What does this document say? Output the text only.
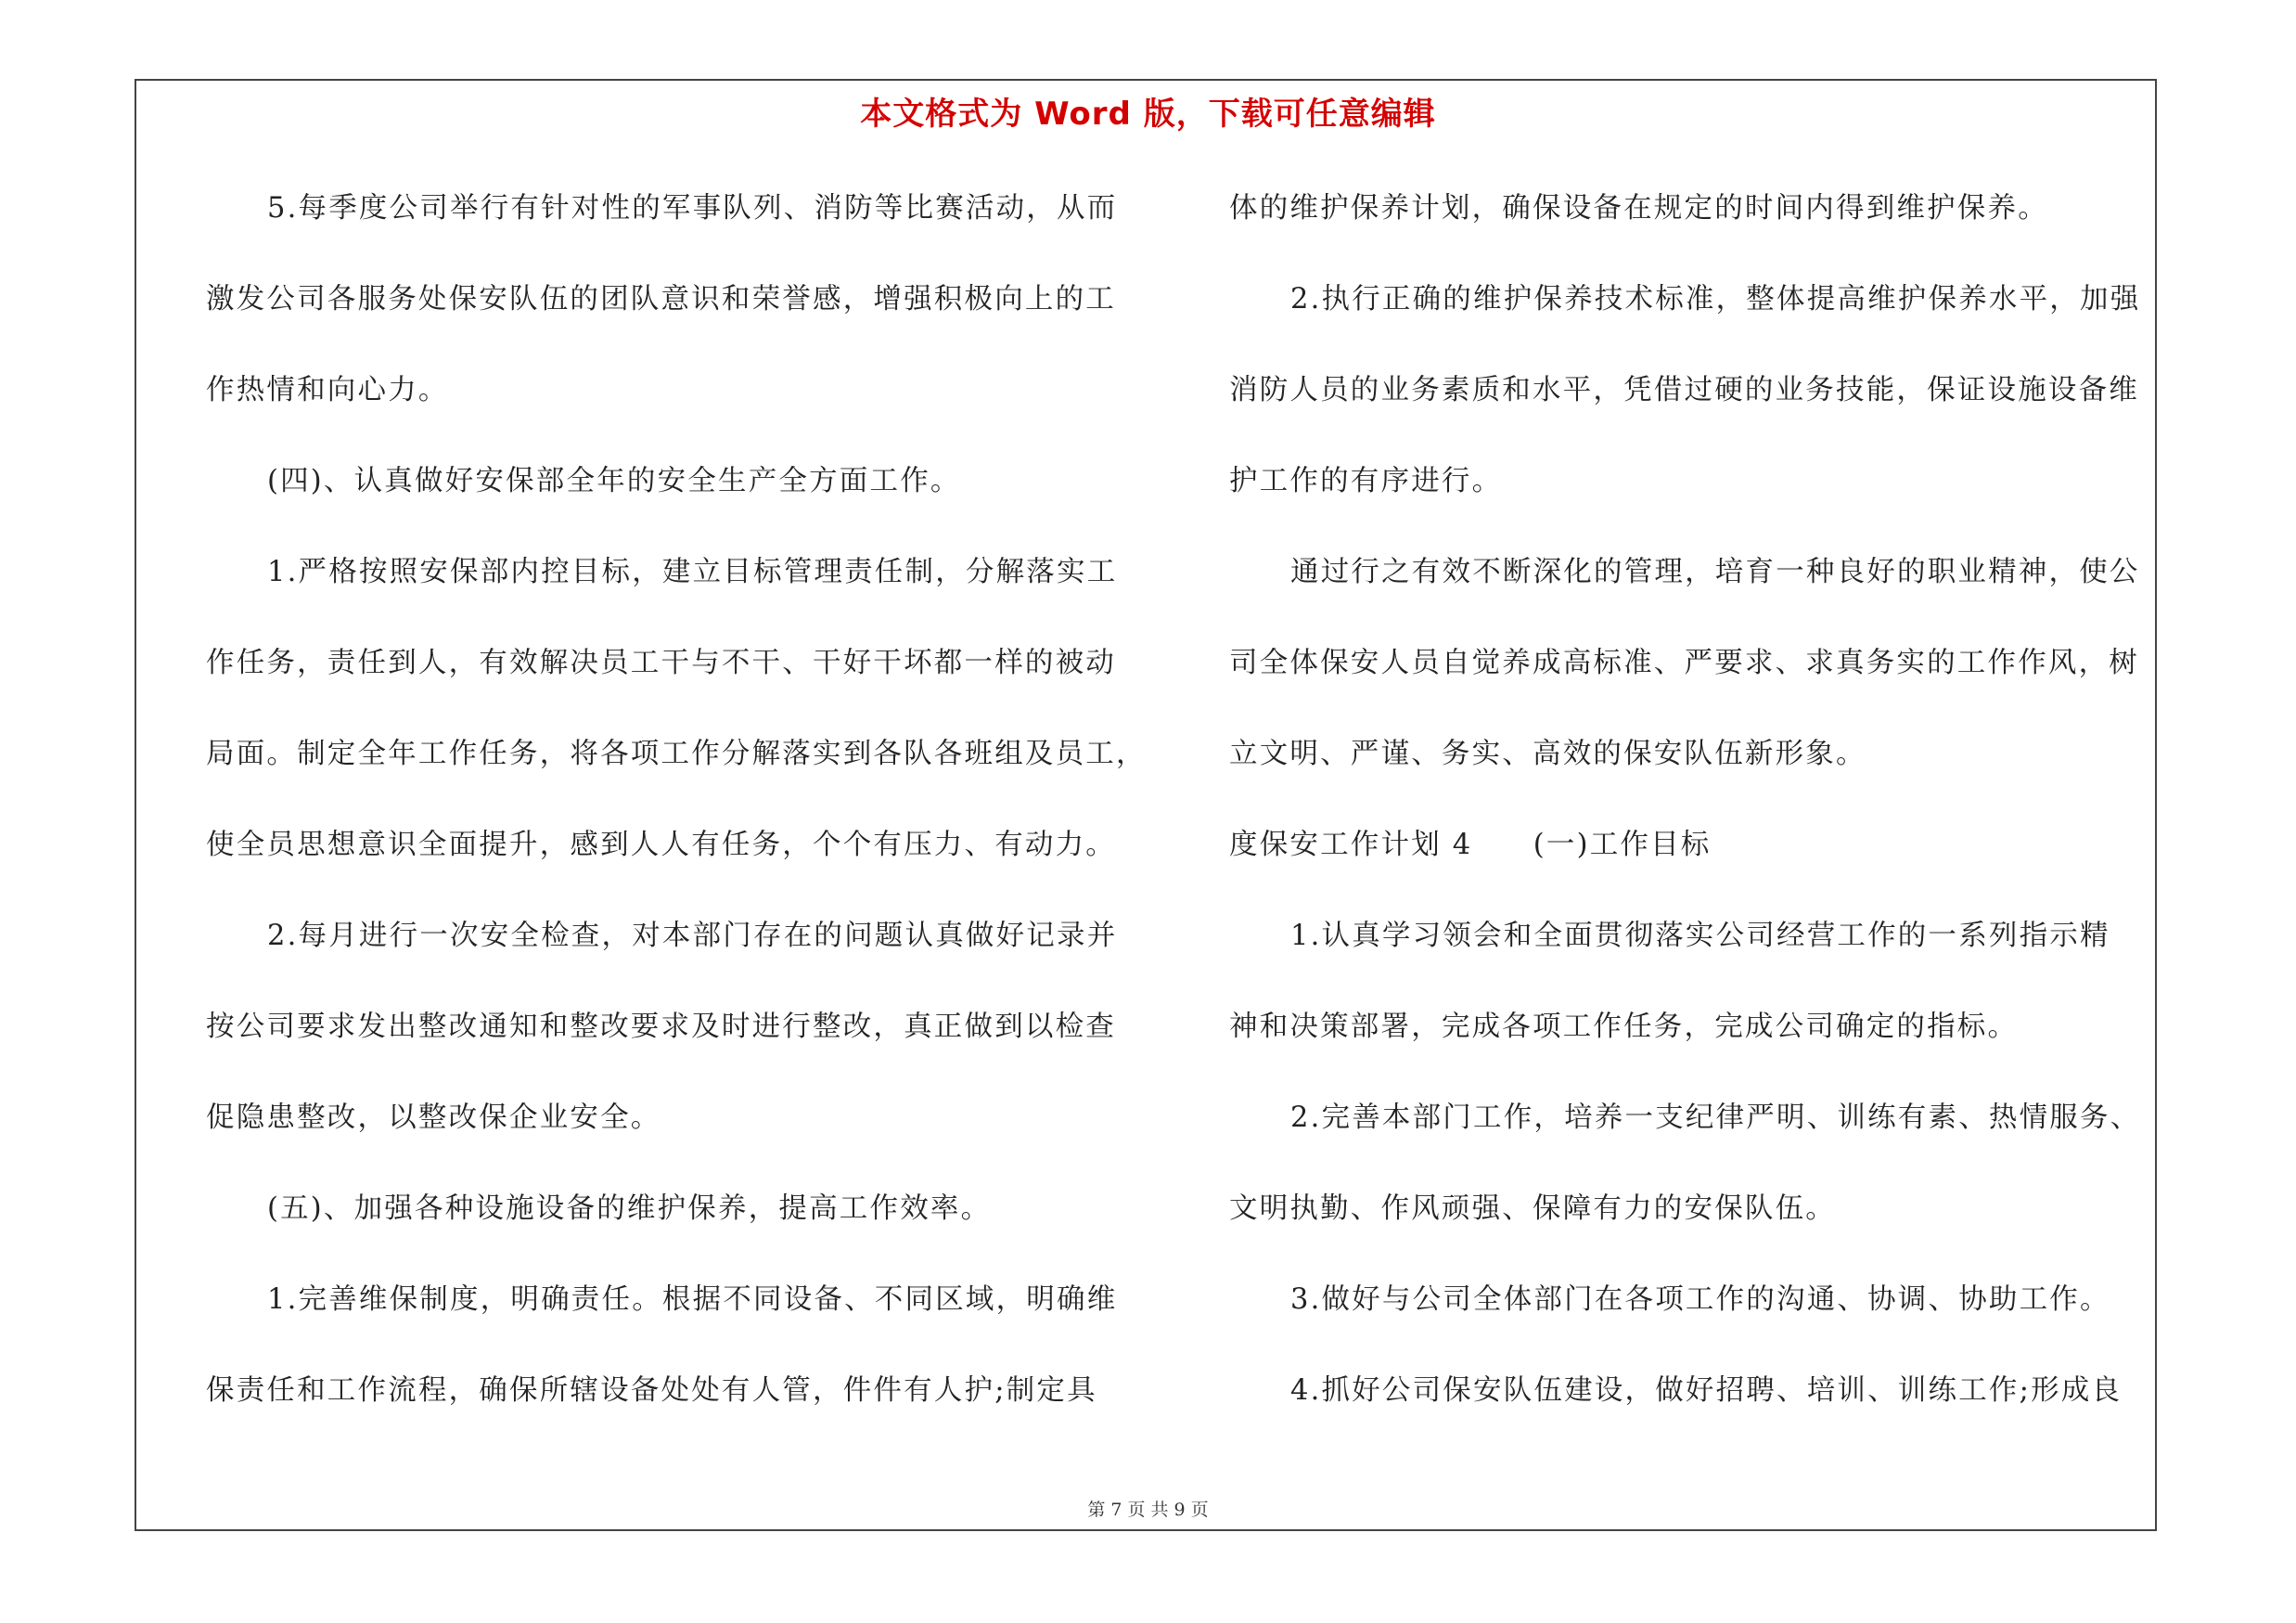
本文格式为 Word 版，下载可任意编辑
5.每季度公司举行有针对性的军事队列、消防等比赛活动，从而
激发公司各服务处保安队伍的团队意识和荣誉感，增强积极向上的工
作热情和向心力。
(四)、认真做好安保部全年的安全生产全方面工作。
1.严格按照安保部内控目标，建立目标管理责任制，分解落实工
作任务，责任到人，有效解决员工干与不干、干好干坏都一样的被动
局面。制定全年工作任务，将各项工作分解落实到各队各班组及员工，
使全员思想意识全面提升，感到人人有任务，个个有压力、有动力。
2.每月进行一次安全检查，对本部门存在的问题认真做好记录并
按公司要求发出整改通知和整改要求及时进行整改，真正做到以检查
促隐患整改，以整改保企业安全。
(五)、加强各种设施设备的维护保养，提高工作效率。
1.完善维保制度，明确责任。根据不同设备、不同区域，明确维
保责任和工作流程，确保所辖设备处处有人管，件件有人护;制定具
体的维护保养计划，确保设备在规定的时间内得到维护保养。
2.执行正确的维护保养技术标准，整体提高维护保养水平，加强
消防人员的业务素质和水平，凭借过硬的业务技能，保证设施设备维
护工作的有序进行。
通过行之有效不断深化的管理，培育一种良好的职业精神，使公
司全体保安人员自觉养成高标准、严要求、求真务实的工作作风，树
立文明、严谨、务实、高效的保安队伍新形象。
度保安工作计划 4　　(一)工作目标
1.认真学习领会和全面贯彻落实公司经营工作的一系列指示精
神和决策部署，完成各项工作任务，完成公司确定的指标。
2.完善本部门工作，培养一支纪律严明、训练有素、热情服务、
文明执勤、作风顽强、保障有力的安保队伍。
3.做好与公司全体部门在各项工作的沟通、协调、协助工作。
4.抓好公司保安队伍建设，做好招聘、培训、训练工作;形成良
第 7 页 共 9 页
